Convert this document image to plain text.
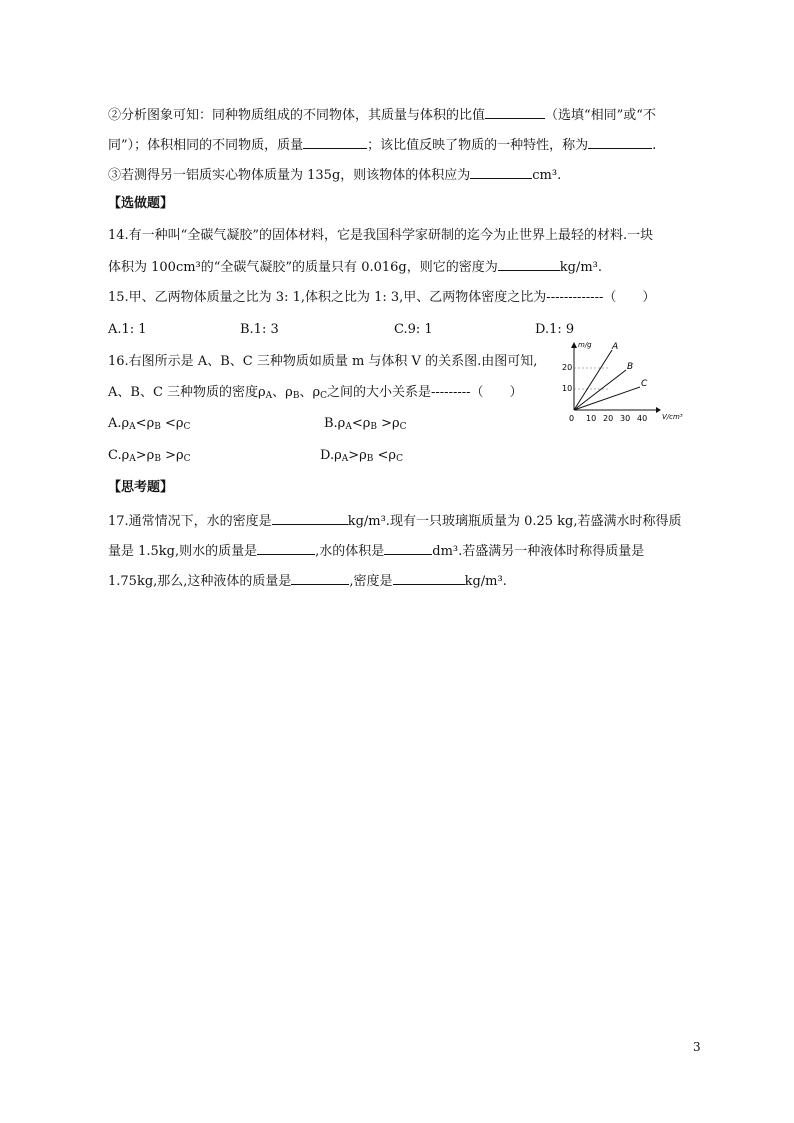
②分析图象可知：同种物质组成的不同物体，其质量与体积的比值	（选填“相同”或“不
同”）；体积相同的不同物质，质量	；该比值反映了物质的一种特性，称为	.
③若测得另一铝质实心物体质量为 135g，则该物体的体积应为	cm³.
【选做题】
14.有一种叫“全碳气凝胶”的固体材料，它是我国科学家研制的迄今为止世界上最轻的材料.一块
体积为 100cm³的“全碳气凝胶”的质量只有 0.016g，则它的密度为	kg/m³.
15.甲、乙两物体质量之比为 3: 1,体积之比为 1: 3,甲、乙两物体密度之比为-------------（　　）
A.1: 1	B.1: 3	C.9: 1	D.1: 9
16.右图所示是 A、B、C 三种物质如质量 m 与体积 V 的关系图.由图可知,
A、B、C 三种物质的密度$\rho_A$、$\rho_B$、$\rho_C$之间的大小关系是---------（　　）
$A.\rho_A<\rho_B <\rho_C$	$B.\rho_A<\rho_B >\rho_C$
$C.\rho_A>\rho_B >\rho_C$	$D.\rho_A>\rho_B <\rho_C$
m/g
V/cm³
20
10
0 10 20 30 40
A
B
C
【思考题】
17.通常情况下，水的密度是	kg/m³.现有一只玻璃瓶质量为 0.25 kg,若盛满水时称得质
量是 1.5kg,则水的质量是	,水的体积是	dm³.若盛满另一种液体时称得质量是
1.75kg,那么,这种液体的质量是	,密度是	kg/m³.
3
